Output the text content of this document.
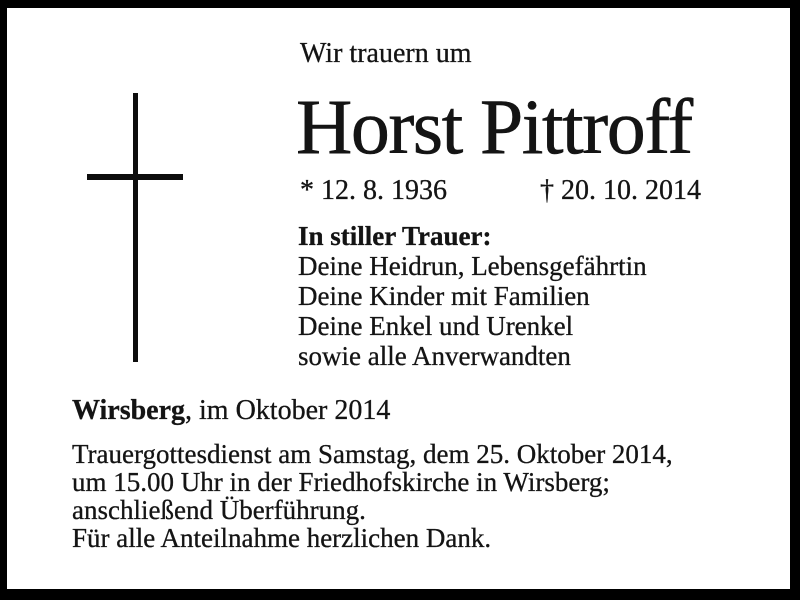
Wir trauern um
Horst Pittroff
* 12. 8. 1936	† 20. 10. 2014
In stiller Trauer:
Deine Heidrun, Lebensgefährtin
Deine Kinder mit Familien
Deine Enkel und Urenkel
sowie alle Anverwandten
Wirsberg, im Oktober 2014
Trauergottesdienst am Samstag, dem 25. Oktober 2014,
um 15.00 Uhr in der Friedhofskirche in Wirsberg;
anschließend Überführung.
Für alle Anteilnahme herzlichen Dank.
